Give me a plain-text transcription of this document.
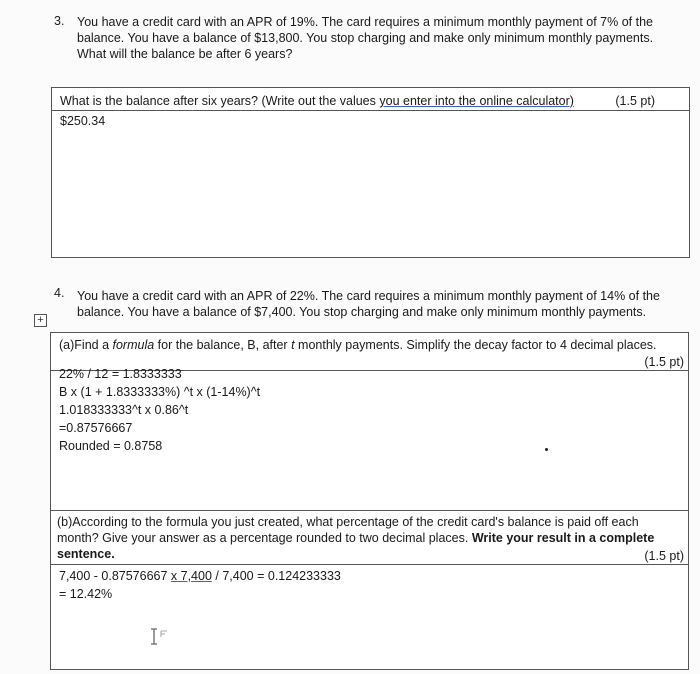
3. You have a credit card with an APR of 19%. The card requires a minimum monthly payment of 7% of the
balance. You have a balance of $13,800. You stop charging and make only minimum monthly payments.
What will the balance be after 6 years?
What is the balance after six years? (Write out the values you enter into the online calculator)	(1.5 pt)
$250.34
4. You have a credit card with an APR of 22%. The card requires a minimum monthly payment of 14% of the
balance. You have a balance of $7,400. You stop charging and make only minimum monthly payments.
+
(a)Find a formula for the balance, B, after t monthly payments. Simplify the decay factor to 4 decimal places.
(1.5 pt)
22% / 12 = 1.8333333
B x (1 + 1.8333333%) ^t x (1-14%)^t
1.018333333^t x 0.86^t
=0.87576667
Rounded = 0.8758
(b)According to the formula you just created, what percentage of the credit card's balance is paid off each
month? Give your answer as a percentage rounded to two decimal places. Write your result in a complete
sentence.	(1.5 pt)
7,400 - 0.87576667 x 7,400 / 7,400 = 0.124233333
= 12.42%
